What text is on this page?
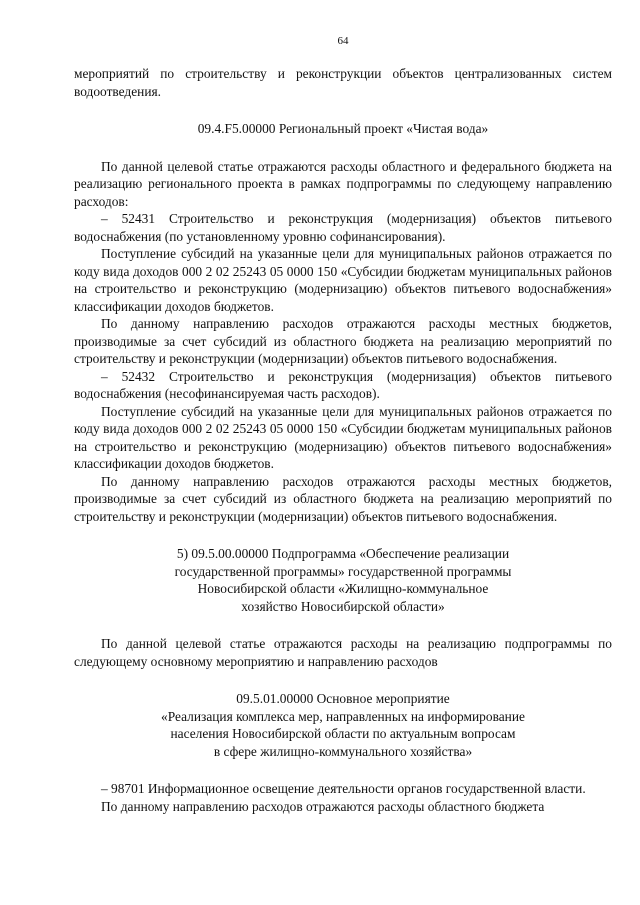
64

мероприятий по строительству и реконструкции объектов централизованных систем водоотведения.

09.4.F5.00000 Региональный проект «Чистая вода»

По данной целевой статье отражаются расходы областного и федерального бюджета на реализацию регионального проекта в рамках подпрограммы по следующему направлению расходов:

– 52431 Строительство и реконструкция (модернизация) объектов питьевого водоснабжения (по установленному уровню софинансирования).

Поступление субсидий на указанные цели для муниципальных районов отражается по коду вида доходов 000 2 02 25243 05 0000 150 «Субсидии бюджетам муниципальных районов на строительство и реконструкцию (модернизацию) объектов питьевого водоснабжения» классификации доходов бюджетов.

По данному направлению расходов отражаются расходы местных бюджетов, производимые за счет субсидий из областного бюджета на реализацию мероприятий по строительству и реконструкции (модернизации) объектов питьевого водоснабжения.

– 52432 Строительство и реконструкция (модернизация) объектов питьевого водоснабжения (несофинансируемая часть расходов).

Поступление субсидий на указанные цели для муниципальных районов отражается по коду вида доходов 000 2 02 25243 05 0000 150 «Субсидии бюджетам муниципальных районов на строительство и реконструкцию (модернизацию) объектов питьевого водоснабжения» классификации доходов бюджетов.

По данному направлению расходов отражаются расходы местных бюджетов, производимые за счет субсидий из областного бюджета на реализацию мероприятий по строительству и реконструкции (модернизации) объектов питьевого водоснабжения.

5) 09.5.00.00000 Подпрограмма «Обеспечение реализации
государственной программы» государственной программы
Новосибирской области «Жилищно-коммунальное
хозяйство Новосибирской области»

По данной целевой статье отражаются расходы на реализацию подпрограммы по следующему основному мероприятию и направлению расходов

09.5.01.00000 Основное мероприятие
«Реализация комплекса мер, направленных на информирование
населения Новосибирской области по актуальным вопросам
в сфере жилищно-коммунального хозяйства»

– 98701 Информационное освещение деятельности органов государственной власти.

По данному направлению расходов отражаются расходы областного бюджета
